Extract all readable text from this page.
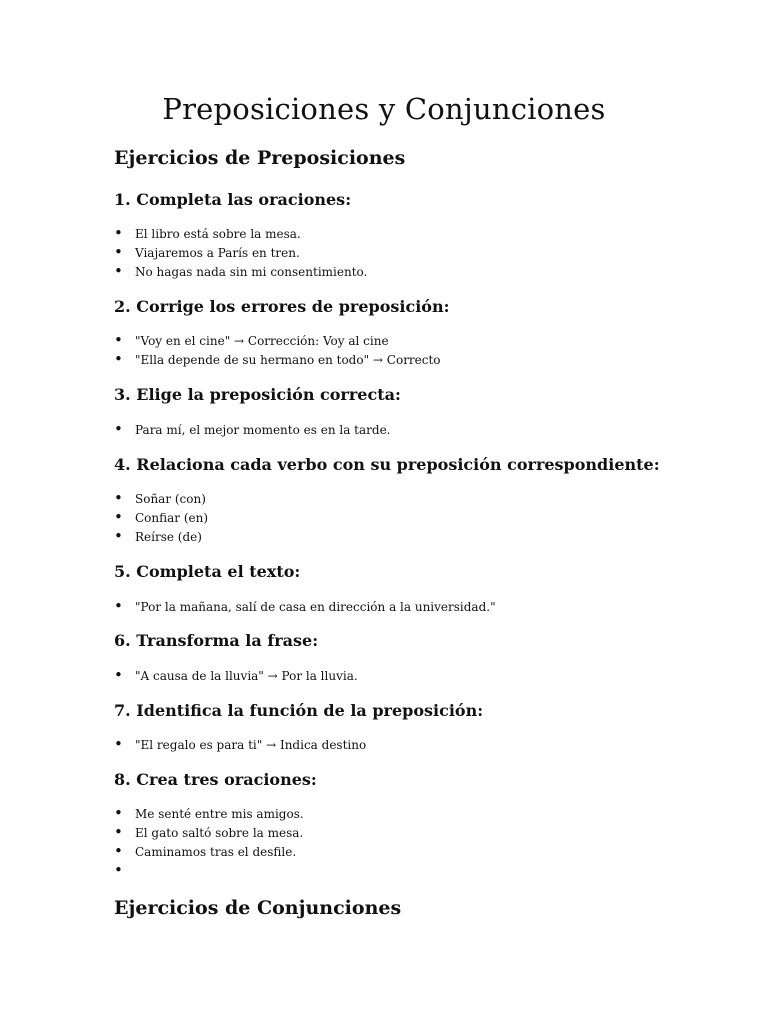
Preposiciones y Conjunciones
Ejercicios de Preposiciones
1. Completa las oraciones:
• El libro está sobre la mesa.
• Viajaremos a París en tren.
• No hagas nada sin mi consentimiento.
2. Corrige los errores de preposición:
• "Voy en el cine" → Corrección: Voy al cine
• "Ella depende de su hermano en todo" → Correcto
3. Elige la preposición correcta:
• Para mí, el mejor momento es en la tarde.
4. Relaciona cada verbo con su preposición correspondiente:
• Soñar (con)
• Confiar (en)
• Reírse (de)
5. Completa el texto:
• "Por la mañana, salí de casa en dirección a la universidad."
6. Transforma la frase:
• "A causa de la lluvia" → Por la lluvia.
7. Identifica la función de la preposición:
• "El regalo es para ti" → Indica destino
8. Crea tres oraciones:
• Me senté entre mis amigos.
• El gato saltó sobre la mesa.
• Caminamos tras el desfile.
•
Ejercicios de Conjunciones
